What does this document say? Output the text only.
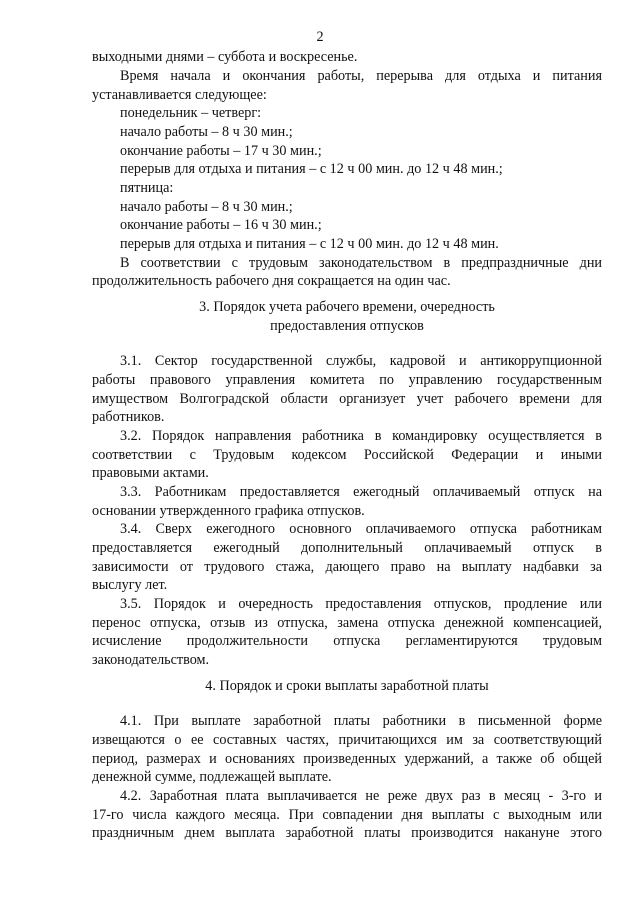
2
выходными днями – суббота и воскресенье.
Время начала и окончания работы, перерыва для отдыха и питания
устанавливается следующее:
понедельник – четверг:
начало работы – 8 ч 30 мин.;
окончание работы – 17 ч 30 мин.;
перерыв для отдыха и питания – с 12 ч 00 мин. до 12 ч 48 мин.;
пятница:
начало работы – 8 ч 30 мин.;
окончание работы – 16 ч 30 мин.;
перерыв для отдыха и питания – с 12 ч 00 мин. до 12 ч 48 мин.
В соответствии с трудовым законодательством в предпраздничные дни
продолжительность рабочего дня сокращается на один час.
3. Порядок учета рабочего времени, очередность
предоставления отпусков
3.1. Сектор государственной службы, кадровой и антикоррупционной
работы правового управления комитета по управлению государственным
имуществом Волгоградской области организует учет рабочего времени для
работников.
3.2. Порядок направления работника в командировку осуществляется в
соответствии с Трудовым кодексом Российской Федерации и иными
правовыми актами.
3.3. Работникам предоставляется ежегодный оплачиваемый отпуск на
основании утвержденного графика отпусков.
3.4. Сверх ежегодного основного оплачиваемого отпуска работникам
предоставляется ежегодный дополнительный оплачиваемый отпуск в
зависимости от трудового стажа, дающего право на выплату надбавки за
выслугу лет.
3.5. Порядок и очередность предоставления отпусков, продление или
перенос отпуска, отзыв из отпуска, замена отпуска денежной компенсацией,
исчисление продолжительности отпуска регламентируются трудовым
законодательством.
4. Порядок и сроки выплаты заработной платы
4.1. При выплате заработной платы работники в письменной форме
извещаются о ее составных частях, причитающихся им за соответствующий
период, размерах и основаниях произведенных удержаний, а также об общей
денежной сумме, подлежащей выплате.
4.2. Заработная плата выплачивается не реже двух раз в месяц - 3-го и
17-го числа каждого месяца. При совпадении дня выплаты с выходным или
праздничным днем выплата заработной платы производится накануне этого
